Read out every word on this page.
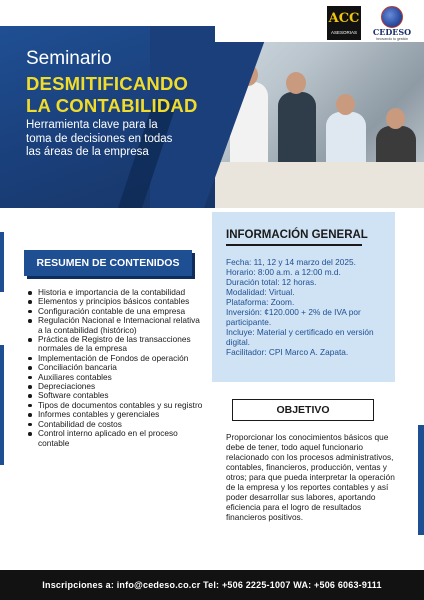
ACC
ASESORIAS	CEDESO
Innovando tu gestión
Seminario
DESMITIFICANDO
LA CONTABILIDAD
Herramienta clave para la toma de decisiones en todas las áreas de la empresa
INFORMACIÓN GENERAL
Fecha: 11, 12 y 14 marzo del 2025.
Horario: 8:00 a.m. a 12:00 m.d.
Duración total: 12 horas.
Modalidad: Virtual.
Plataforma: Zoom.
Inversión: ¢120.000 + 2% de IVA por participante.
Incluye: Material y certificado en versión digital.
Facilitador: CPI Marco A. Zapata.
RESUMEN DE CONTENIDOS
Historia e importancia de la contabilidad
Elementos y principios básicos contables
Configuración contable de una empresa
Regulación Nacional e Internacional relativa a la contabilidad (histórico)
Práctica de Registro de las transacciones normales de la empresa
Implementación de Fondos de operación
Conciliación bancaria
Auxiliares contables
Depreciaciones
Software contables
Tipos de documentos contables y su registro
Informes contables y gerenciales
Contabilidad de costos
Control interno aplicado en el proceso contable
OBJETIVO
Proporcionar los conocimientos básicos que debe de tener, todo aquel funcionario relacionado con los procesos administrativos, contables, financieros, producción, ventas y otros; para que pueda interpretar la operación de la empresa y los reportes contables y así poder desarrollar sus labores, aportando eficiencia para el logro de resultados financieros positivos.
Inscripciones a: info@cedeso.co.cr Tel: +506 2225-1007 WA: +506 6063-9111
